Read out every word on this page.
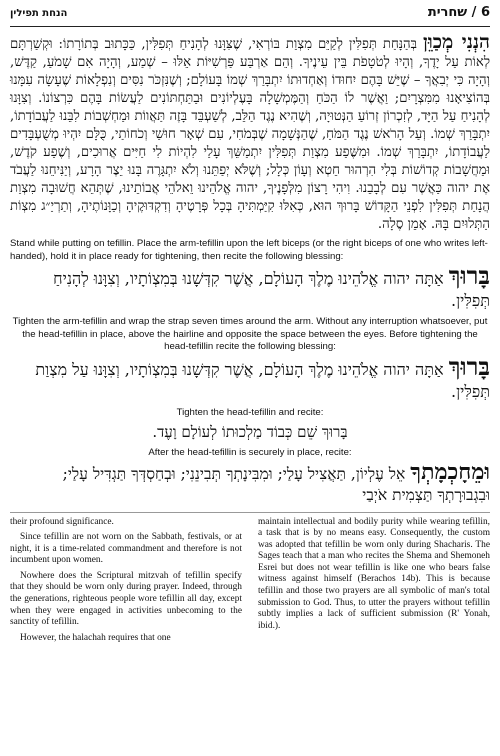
הנחת תפילין	6 / שחרית
הִנְנִי מְכַוֵּן בְּהַנָּחַת תְּפִלִּין לְקַיֵּם מִצְוַת בּוֹרְאִי, שֶׁצִּוָּנוּ לְהָנִיחַ תְּפִלִּין, כַּכָּתוּב בְּתוֹרָתוֹ: וּקְשַׁרְתָּם לְאוֹת עַל יָדֶךָ, וְהָיוּ לְטֹטָפֹת בֵּין עֵינֶיךָ. וְהֵם אַרְבַּע פַּרְשִׁיּוֹת אֵלּוּ – שְׁמַע, וְהָיָה אִם שָׁמֹעַ, קַדֶּשׁ, וְהָיָה כִּי יְבִאֲךָ – שֶׁיֵּשׁ בָּהֶם יִחוּדוֹ וְאַחְדוּתוֹ יִתְבָּרַךְ שְׁמוֹ בָּעוֹלָם; וְשֶׁנִּזְכֹּר נִסִּים וְנִפְלָאוֹת שֶׁעָשָׂה עִמָּנוּ בְּהוֹצִיאָנוּ מִמִּצְרָיִם; וַאֲשֶׁר לוֹ הַכֹּחַ וְהַמֶּמְשָׁלָה בָּעֶלְיוֹנִים וּבַתַּחְתּוֹנִים לַעֲשׂוֹת בָּהֶם כִּרְצוֹנוֹ. וְצִוָּנוּ לְהָנִיחַ עַל הַיָּד, לְזִכְרוֹן זְרוֹעַ הַנְּטוּיָה, וְשֶׁהִיא נֶגֶד הַלֵּב, לְשַׁעְבֵּד בָּזֶה תַּאֲווֹת וּמַחְשְׁבוֹת לִבֵּנוּ לַעֲבוֹדָתוֹ, יִתְבָּרַךְ שְׁמוֹ. וְעַל הָרֹאשׁ נֶגֶד הַמֹּחַ, שֶׁהַנְּשָׁמָה שֶׁבְּמֹחִי, עִם שְׁאָר חוּשַׁי וְכֹחוֹתַי, כֻּלָּם יִהְיוּ מְשֻׁעְבָּדִים לַעֲבוֹדָתוֹ, יִתְבָּרַךְ שְׁמוֹ. וּמִשֶּׁפַע מִצְוַת תְּפִלִּין יִתְמַשֵּׁךְ עָלַי לִהְיוֹת לִי חַיִּים אֲרוּכִים, וְשֶׁפַע קֹדֶשׁ, וּמַחֲשָׁבוֹת קְדוֹשׁוֹת בְּלִי הִרְהוּר חֵטְא וְעָוֹן כְּלָל; וְשֶׁלֹּא יְפַתֵּנוּ וְלֹא יִתְגָּרֶה בָּנוּ יֵצֶר הָרָע, וְיַנִּיחֵנוּ לַעֲבֹד אֶת יהוה כַּאֲשֶׁר עִם לְבָבֵנוּ. וִיהִי רָצוֹן מִלְּפָנֶיךָ, יהוה אֱלֹהֵינוּ וֵאלֹהֵי אֲבוֹתֵינוּ, שֶׁתְּהֵא חֲשׁוּבָה מִצְוַת הֲנָחַת תְּפִלִּין לִפְנֵי הַקָּדוֹשׁ בָּרוּךְ הוּא, כְּאִלּוּ קִיַּמְתִּיהָ בְּכָל פְּרָטֶיהָ וְדִקְדּוּקֶיהָ וְכַוָּנוֹתֶיהָ, וְתַרְיַ״ג מִצְוֹת הַתְּלוּיִם בָּהּ. אָמֵן סֶלָה.
Stand while putting on tefillin. Place the arm-tefillin upon the left biceps (or the right biceps of one who writes left-handed), hold it in place ready for tightening, then recite the following blessing:
בָּרוּךְ אַתָּה יהוה אֱלֹהֵינוּ מֶלֶךְ הָעוֹלָם, אֲשֶׁר קִדְּשָׁנוּ בְּמִצְוֹתָיו, וְצִוָּנוּ לְהָנִיחַ תְּפִלִּין.
Tighten the arm-tefillin and wrap the strap seven times around the arm. Without any interruption whatsoever, put the head-tefillin in place, above the hairline and opposite the space between the eyes. Before tightening the head-tefillin recite the following blessing:
בָּרוּךְ אַתָּה יהוה אֱלֹהֵינוּ מֶלֶךְ הָעוֹלָם, אֲשֶׁר קִדְּשָׁנוּ בְּמִצְוֹתָיו, וְצִוָּנוּ עַל מִצְוַת תְּפִלִּין.
Tighten the head-tefillin and recite:
בָּרוּךְ שֵׁם כְּבוֹד מַלְכוּתוֹ לְעוֹלָם וָעֶד.
After the head-tefillin is securely in place, recite:
וּמֵחָכְמָתְךָ אֵל עֶלְיוֹן, תַּאֲצִיל עָלַי; וּמִבִּינָתְךָ תְּבִינֵנִי; וּבְחַסְדְּךָ תַּגְדִּיל עָלַי; וּבִגְבוּרָתְךָ תַּצְמִית אֹיְבַי

their profound significance.

Since tefillin are not worn on the Sabbath, festivals, or at night, it is a time-related commandment and therefore is not incumbent upon women.

Nowhere does the Scriptural mitzvah of tefillin specify that they should be worn only during prayer. Indeed, through the generations, righteous people wore tefillin all day, except when they were engaged in activities unbecoming to the sanctity of tefillin.

However, the halachah requires that one

maintain intellectual and bodily purity while wearing tefillin, a task that is by no means easy. Consequently, the custom was adopted that tefillin be worn only during Shacharis. The Sages teach that a man who recites the Shema and Shemoneh Esrei but does not wear tefillin is like one who bears false witness against himself (Berachos 14b). This is because tefillin and those two prayers are all symbolic of man's total submission to God. Thus, to utter the prayers without tefillin subtly implies a lack of sufficient submission (R' Yonah, ibid.).
